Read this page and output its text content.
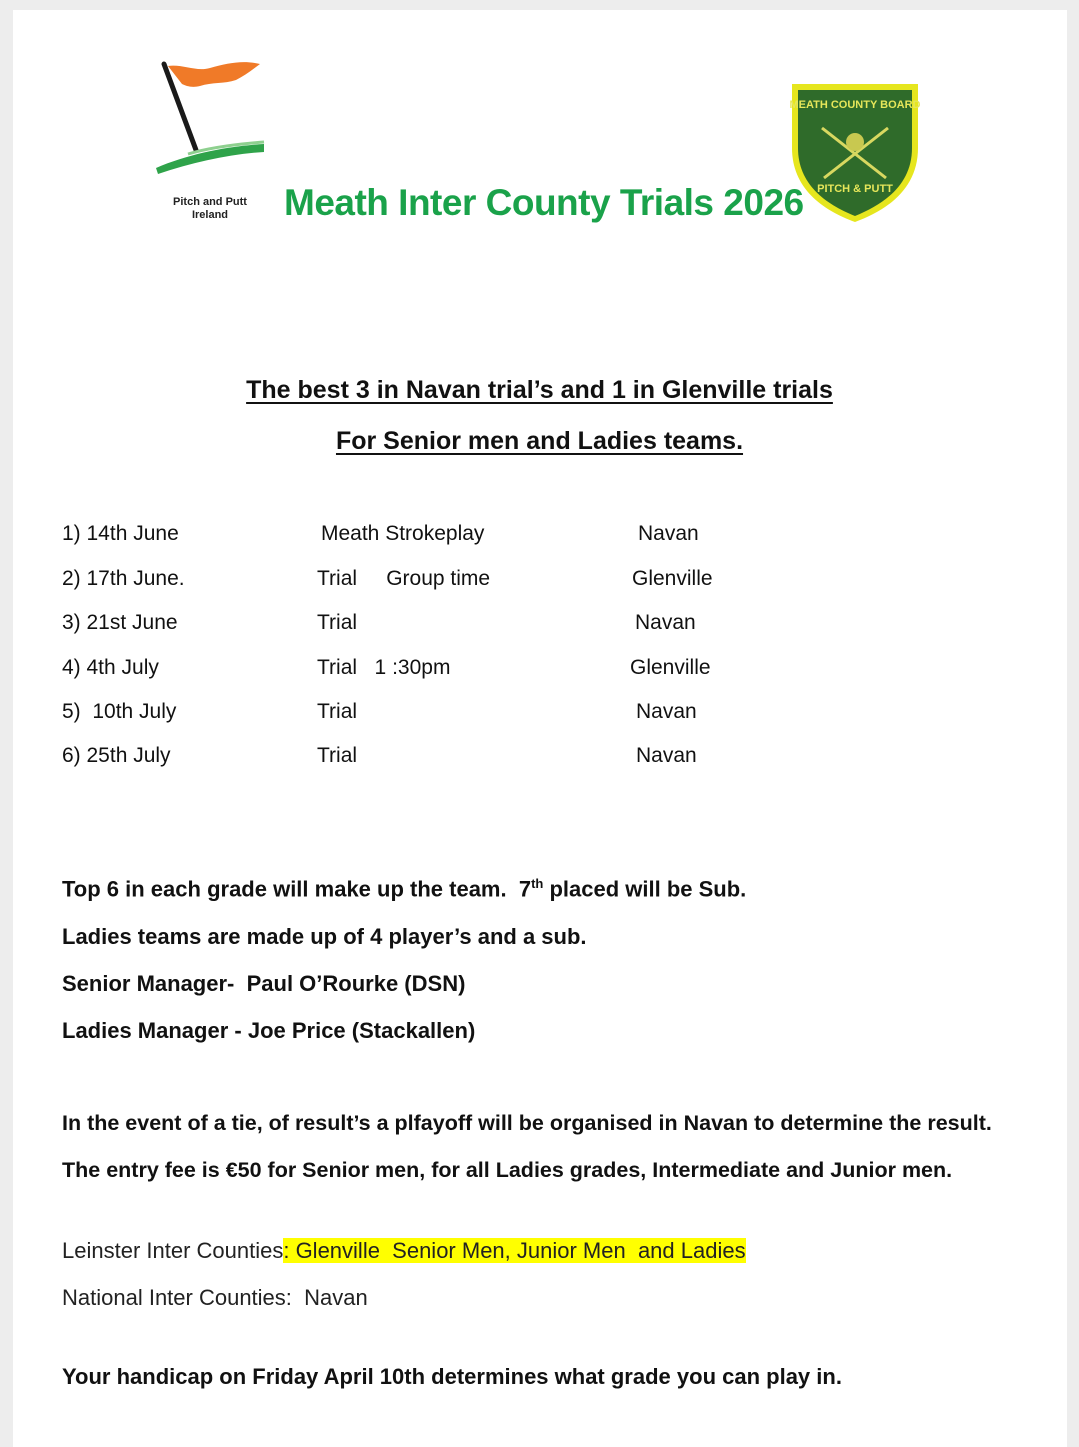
Pitch and Putt
Ireland	Meath Inter County Trials 2026
MEATH COUNTY BOARD
PITCH & PUTT
The best 3 in Navan trial’s and 1 in Glenville trials
For Senior men and Ladies teams.
1) 14th June	Meath Strokeplay	Navan
2) 17th June.	Trial     Group time	Glenville
3) 21st June	Trial	Navan
4) 4th July	Trial   1 :30pm	Glenville
5)  10th July	Trial	Navan
6) 25th July	Trial	Navan
Top 6 in each grade will make up the team.  7th placed will be Sub.
Ladies teams are made up of 4 player’s and a sub.
Senior Manager-  Paul O’Rourke (DSN)
Ladies Manager - Joe Price (Stackallen)
In the event of a tie, of result’s a plfayoff will be organised in Navan to determine the result.
The entry fee is €50 for Senior men, for all Ladies grades, Intermediate and Junior men.
Leinster Inter Counties: Glenville  Senior Men, Junior Men  and Ladies
National Inter Counties:  Navan
Your handicap on Friday April 10th determines what grade you can play in.
